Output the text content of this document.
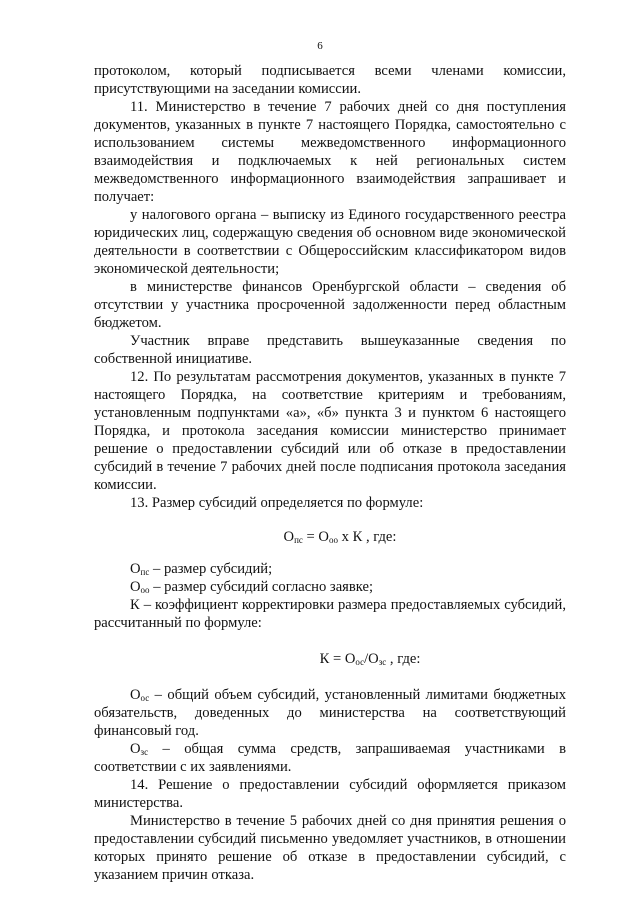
6

протоколом, который подписывается всеми членами комиссии, присутствующими на заседании комиссии.

11. Министерство в течение 7 рабочих дней со дня поступления документов, указанных в пункте 7 настоящего Порядка, самостоятельно с использованием системы межведомственного информационного взаимодействия и подключаемых к ней региональных систем межведомственного информационного взаимодействия запрашивает и получает:

у налогового органа – выписку из Единого государственного реестра юридических лиц, содержащую сведения об основном виде экономической деятельности в соответствии с Общероссийским классификатором видов экономической деятельности;

в министерстве финансов Оренбургской области – сведения об отсутствии у участника просроченной задолженности перед областным бюджетом.

Участник вправе представить вышеуказанные сведения по собственной инициативе.

12. По результатам рассмотрения документов, указанных в пункте 7 настоящего Порядка, на соответствие критериям и требованиям, установленным подпунктами «а», «б» пункта 3 и пунктом 6 настоящего Порядка, и протокола заседания комиссии министерство принимает решение о предоставлении субсидий или об отказе в предоставлении субсидий в течение 7 рабочих дней после подписания протокола заседания комиссии.

13. Размер субсидий определяется по формуле:

$О_{пс} = О_{оо}$ x К , где:

$О_{пс}$ – размер субсидий;

$О_{оо}$ – размер субсидий согласно заявке;

К – коэффициент корректировки размера предоставляемых субсидий, рассчитанный по формуле:

$К = О_{ос}/О_{зс}$ , где:

$О_{ос}$ – общий объем субсидий, установленный лимитами бюджетных обязательств, доведенных до министерства на соответствующий финансовый год.

$О_{зс}$ – общая сумма средств, запрашиваемая участниками в соответствии с их заявлениями.

14. Решение о предоставлении субсидий оформляется приказом министерства.

Министерство в течение 5 рабочих дней со дня принятия решения о предоставлении субсидий письменно уведомляет участников, в отношении которых принято решение об отказе в предоставлении субсидий, с указанием причин отказа.
